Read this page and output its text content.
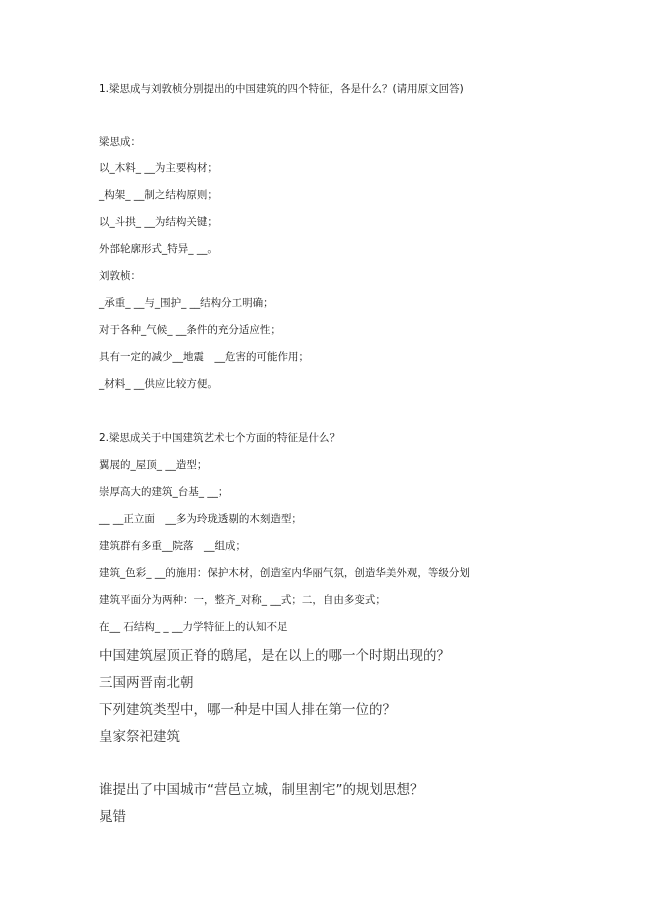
1.梁思成与刘敦桢分别提出的中国建筑的四个特征，各是什么？(请用原文回答)
梁思成：
以_木料_ __为主要构材；
_构架_ __制之结构原则；
以_斗拱_ __为结构关键；
外部轮廓形式_特异_ __。
刘敦桢：
_承重_ __与_围护_ __结构分工明确；
对于各种_气候_ __条件的充分适应性；
具有一定的减少__地震　__危害的可能作用；
_材料_ __供应比较方便。
2.梁思成关于中国建筑艺术七个方面的特征是什么？
翼展的_屋顶_ __造型；
崇厚高大的建筑_台基_ __；
__ __正立面　__多为玲珑透剔的木刻造型；
建筑群有多重__院落　__组成；
建筑_色彩_ __的施用：保护木材，创造室内华丽气氛，创造华美外观，等级分划
建筑平面分为两种：一，整齐_对称_ __式；二，自由多变式；
在__ 石结构_ _ __力学特征上的认知不足
中国建筑屋顶正脊的鸱尾，是在以上的哪一个时期出现的？
三国两晋南北朝
下列建筑类型中，哪一种是中国人排在第一位的？
皇家祭祀建筑
谁提出了中国城市“营邑立城，制里割宅”的规划思想？
晁错
